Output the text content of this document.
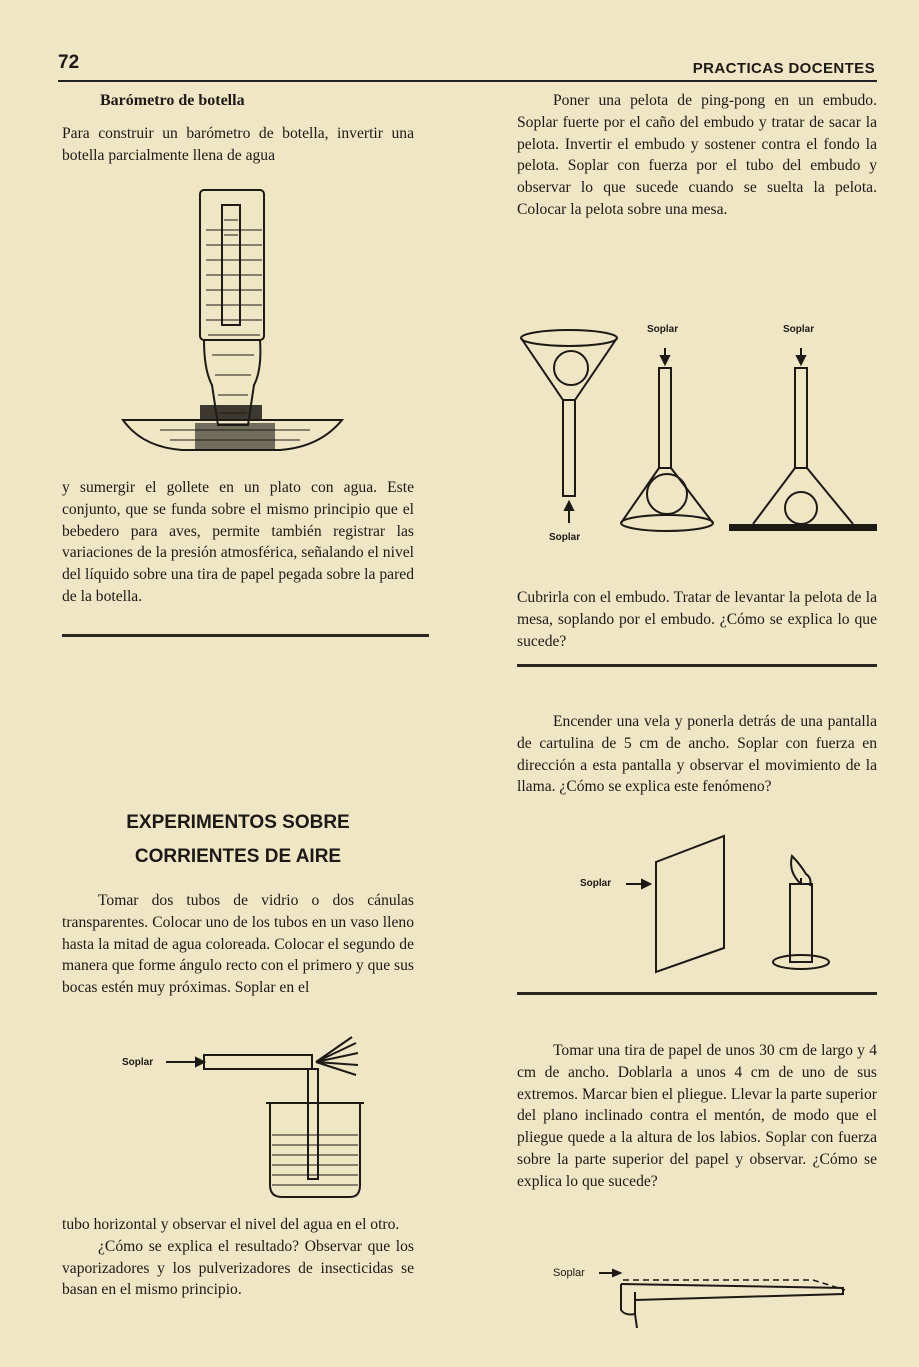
72	PRACTICAS DOCENTES
Barómetro de botella

Para construir un barómetro de botella, invertir una botella parcialmente llena de agua

y sumergir el gollete en un plato con agua. Este conjunto, que se funda sobre el mismo principio que el bebedero para aves, permite también registrar las variaciones de la presión atmosférica, señalando el nivel del líquido sobre una tira de papel pegada sobre la pared de la botella.

EXPERIMENTOS SOBRE
CORRIENTES DE AIRE

Tomar dos tubos de vidrio o dos cánulas transparentes. Colocar uno de los tubos en un vaso lleno hasta la mitad de agua coloreada. Colocar el segundo de manera que forme ángulo recto con el primero y que sus bocas estén muy próximas. Soplar en el

Soplar

tubo horizontal y observar el nivel del agua en el otro.

¿Cómo se explica el resultado? Observar que los vaporizadores y los pulverizadores de insecticidas se basan en el mismo principio.

Poner una pelota de ping-pong en un embudo. Soplar fuerte por el caño del embudo y tratar de sacar la pelota. Invertir el embudo y sostener contra el fondo la pelota. Soplar con fuerza por el tubo del embudo y observar lo que sucede cuando se suelta la pelota. Colocar la pelota sobre una mesa.

Soplar
Soplar	Soplar

Cubrirla con el embudo. Tratar de levantar la pelota de la mesa, soplando por el embudo. ¿Cómo se explica lo que sucede?

Encender una vela y ponerla detrás de una pantalla de cartulina de 5 cm de ancho. Soplar con fuerza en dirección a esta pantalla y observar el movimiento de la llama. ¿Cómo se explica este fenómeno?

Soplar

Tomar una tira de papel de unos 30 cm de largo y 4 cm de ancho. Doblarla a unos 4 cm de uno de sus extremos. Marcar bien el pliegue. Llevar la parte superior del plano inclinado contra el mentón, de modo que el pliegue quede a la altura de los labios. Soplar con fuerza sobre la parte superior del papel y observar. ¿Cómo se explica lo que sucede?

Soplar
